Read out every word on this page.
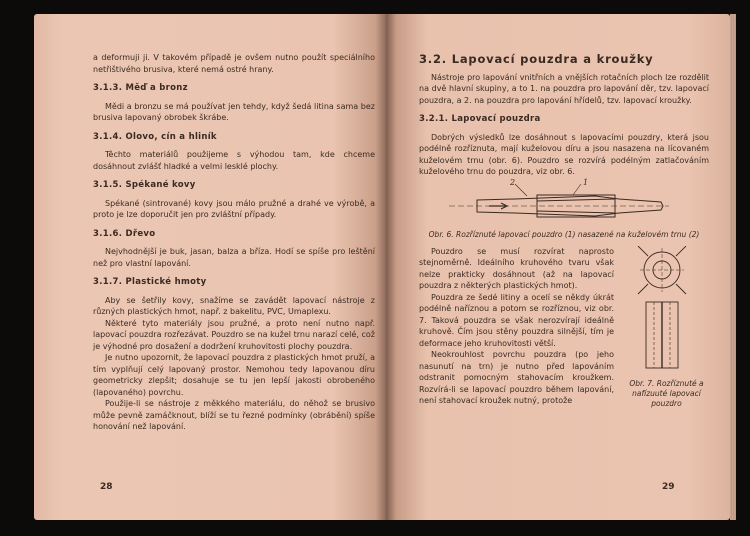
a deformuji ji. V takovém případě je ovšem nutno použít speciálního netřištivého brusiva, které nemá ostré hrany.

3.1.3. Měď a bronz

Mědi a bronzu se má používat jen tehdy, když šedá litina sama bez brusiva lapovaný obrobek škrábe.

3.1.4. Olovo, cín a hliník

Těchto materiálů použijeme s výhodou tam, kde chceme dosáhnout zvlášť hladké a velmi lesklé plochy.

3.1.5. Spékané kovy

Spékané (sintrované) kovy jsou málo pružné a drahé ve výrobě, a proto je lze doporučit jen pro zvláštní případy.

3.1.6. Dřevo

Nejvhodnější je buk, jasan, balza a bříza. Hodí se spíše pro leštění než pro vlastní lapování.

3.1.7. Plastické hmoty

Aby se šetřily kovy, snažíme se zavádět lapovací nástroje z různých plastických hmot, např. z bakelitu, PVC, Umaplexu.

Některé tyto materiály jsou pružné, a proto není nutno např. lapovací pouzdra rozřezávat. Pouzdro se na kužel trnu narazí celé, což je výhodné pro dosažení a dodržení kruhovitosti plochy pouzdra.

Je nutno upozornit, že lapovací pouzdra z plastických hmot pruží, a tím vyplňují celý lapovaný prostor. Nemohou tedy lapovanou díru geometricky zlepšit; dosahuje se tu jen lepší jakosti obrobeného (lapovaného) povrchu.

Použije-li se nástroje z měkkého materiálu, do něhož se brusivo může pevně zamáčknout, blíží se tu řezné podmínky (obrábění) spíše honování než lapování.

28
3.2. Lapovací pouzdra a kroužky

Nástroje pro lapování vnitřních a vnějších rotačních ploch lze rozdělit na dvě hlavní skupiny, a to 1. na pouzdra pro lapování děr, tzv. lapovací pouzdra, a 2. na pouzdra pro lapování hřídelů, tzv. lapovací kroužky.

3.2.1. Lapovací pouzdra

Dobrých výsledků lze dosáhnout s lapovacími pouzdry, která jsou podélně rozříznuta, mají kuželovou díru a jsou nasazena na lícovaném kuželovém trnu (obr. 6). Pouzdro se rozvírá podélným zatlačováním kuželového trnu do pouzdra, viz obr. 6.

2	1

Obr. 6. Rozříznuté lapovací pouzdro (1) nasazené na kuželovém trnu (2)

Pouzdro se musí rozvírat naprosto stejnoměrně. Ideálního kruhového tvaru však nelze prakticky dosáhnout (až na lapovací pouzdra z některých plastických hmot).

Pouzdra ze šedé litiny a ocelí se někdy úkrát podélně naříznou a potom se rozříznou, viz obr. 7. Taková pouzdra se však nerozvírají ideálně kruhově. Čím jsou stěny pouzdra silnější, tím je deformace jeho kruhovitosti větší.

Neokrouhlost povrchu pouzdra (po jeho nasunutí na trn) je nutno před lapováním odstranit pomocným stahovacím kroužkem. Rozvírá-li se lapovací pouzdro během lapování, není stahovací kroužek nutný, protože

Obr. 7. Rozříznuté a nafízuuté lapovací pouzdro

29
